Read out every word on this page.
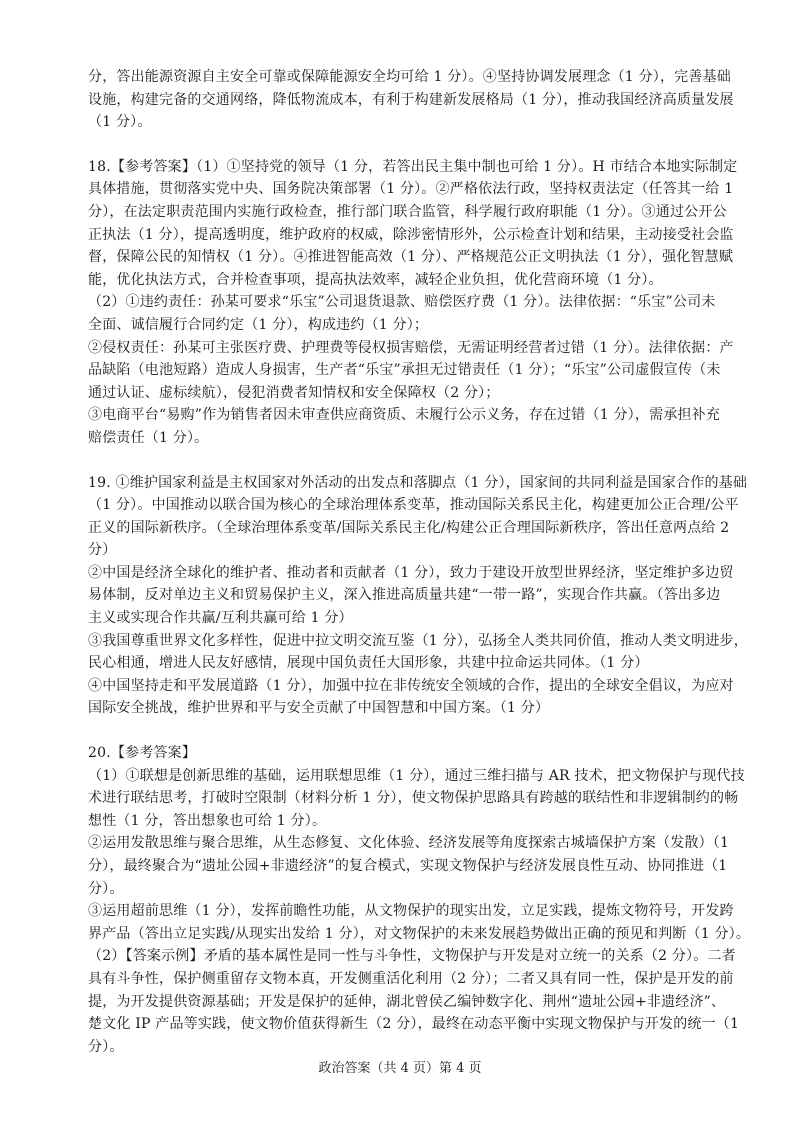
分，答出能源资源自主安全可靠或保障能源安全均可给 1 分）。④坚持协调发展理念（1 分），完善基础
设施，构建完备的交通网络，降低物流成本，有利于构建新发展格局（1 分），推动我国经济高质量发展
（1 分）。
18.【参考答案】（1）①坚持党的领导（1 分，若答出民主集中制也可给 1 分）。H 市结合本地实际制定
具体措施，贯彻落实党中央、国务院决策部署（1 分）。②严格依法行政，坚持权责法定（任答其一给 1
分），在法定职责范围内实施行政检查，推行部门联合监管，科学履行政府职能（1 分）。③通过公开公
正执法（1 分），提高透明度，维护政府的权威，除涉密情形外，公示检查计划和结果，主动接受社会监
督，保障公民的知情权（1 分）。④推进智能高效（1 分）、严格规范公正文明执法（1 分），强化智慧赋
能，优化执法方式，合并检查事项，提高执法效率，减轻企业负担，优化营商环境（1 分）。
（2）①违约责任：孙某可要求“乐宝”公司退货退款、赔偿医疗费（1 分）。法律依据：“乐宝”公司未
全面、诚信履行合同约定（1 分），构成违约（1 分）；
②侵权责任：孙某可主张医疗费、护理费等侵权损害赔偿，无需证明经营者过错（1 分）。法律依据：产
品缺陷（电池短路）造成人身损害，生产者“乐宝”承担无过错责任（1 分）；“乐宝”公司虚假宣传（未
通过认证、虚标续航），侵犯消费者知情权和安全保障权（2 分）；
③电商平台“易购”作为销售者因未审查供应商资质、未履行公示义务，存在过错（1 分），需承担补充
赔偿责任（1 分）。
19. ①维护国家利益是主权国家对外活动的出发点和落脚点（1 分），国家间的共同利益是国家合作的基础
（1 分）。中国推动以联合国为核心的全球治理体系变革，推动国际关系民主化，构建更加公正合理/公平
正义的国际新秩序。（全球治理体系变革/国际关系民主化/构建公正合理国际新秩序，答出任意两点给 2
分）
②中国是经济全球化的维护者、推动者和贡献者（1 分），致力于建设开放型世界经济，坚定维护多边贸
易体制，反对单边主义和贸易保护主义，深入推进高质量共建“一带一路”，实现合作共赢。（答出多边
主义或实现合作共赢/互利共赢可给 1 分）
③我国尊重世界文化多样性，促进中拉文明交流互鉴（1 分），弘扬全人类共同价值，推动人类文明进步，
民心相通，增进人民友好感情，展现中国负责任大国形象，共建中拉命运共同体。（1 分）
④中国坚持走和平发展道路（1 分），加强中拉在非传统安全领域的合作，提出的全球安全倡议，为应对
国际安全挑战，维护世界和平与安全贡献了中国智慧和中国方案。（1 分）
20.【参考答案】
（1）①联想是创新思维的基础，运用联想思维（1 分），通过三维扫描与 AR 技术，把文物保护与现代技
术进行联结思考，打破时空限制（材料分析 1 分），使文物保护思路具有跨越的联结性和非逻辑制约的畅
想性（1 分，答出想象也可给 1 分）。
②运用发散思维与聚合思维，从生态修复、文化体验、经济发展等角度探索古城墙保护方案（发散）（1
分），最终聚合为“遗址公园+非遗经济”的复合模式，实现文物保护与经济发展良性互动、协同推进（1
分）。
③运用超前思维（1 分），发挥前瞻性功能，从文物保护的现实出发，立足实践，提炼文物符号，开发跨
界产品（答出立足实践/从现实出发给 1 分），对文物保护的未来发展趋势做出正确的预见和判断（1 分）。
（2）【答案示例】矛盾的基本属性是同一性与斗争性，文物保护与开发是对立统一的关系（2 分）。二者
具有斗争性，保护侧重留存文物本真，开发侧重活化利用（2 分）；二者又具有同一性，保护是开发的前
提，为开发提供资源基础；开发是保护的延伸，湖北曾侯乙编钟数字化、荆州“遗址公园+非遗经济”、
楚文化 IP 产品等实践，使文物价值获得新生（2 分），最终在动态平衡中实现文物保护与开发的统一（1
分）。
政治答案（共 4 页）第 4 页
